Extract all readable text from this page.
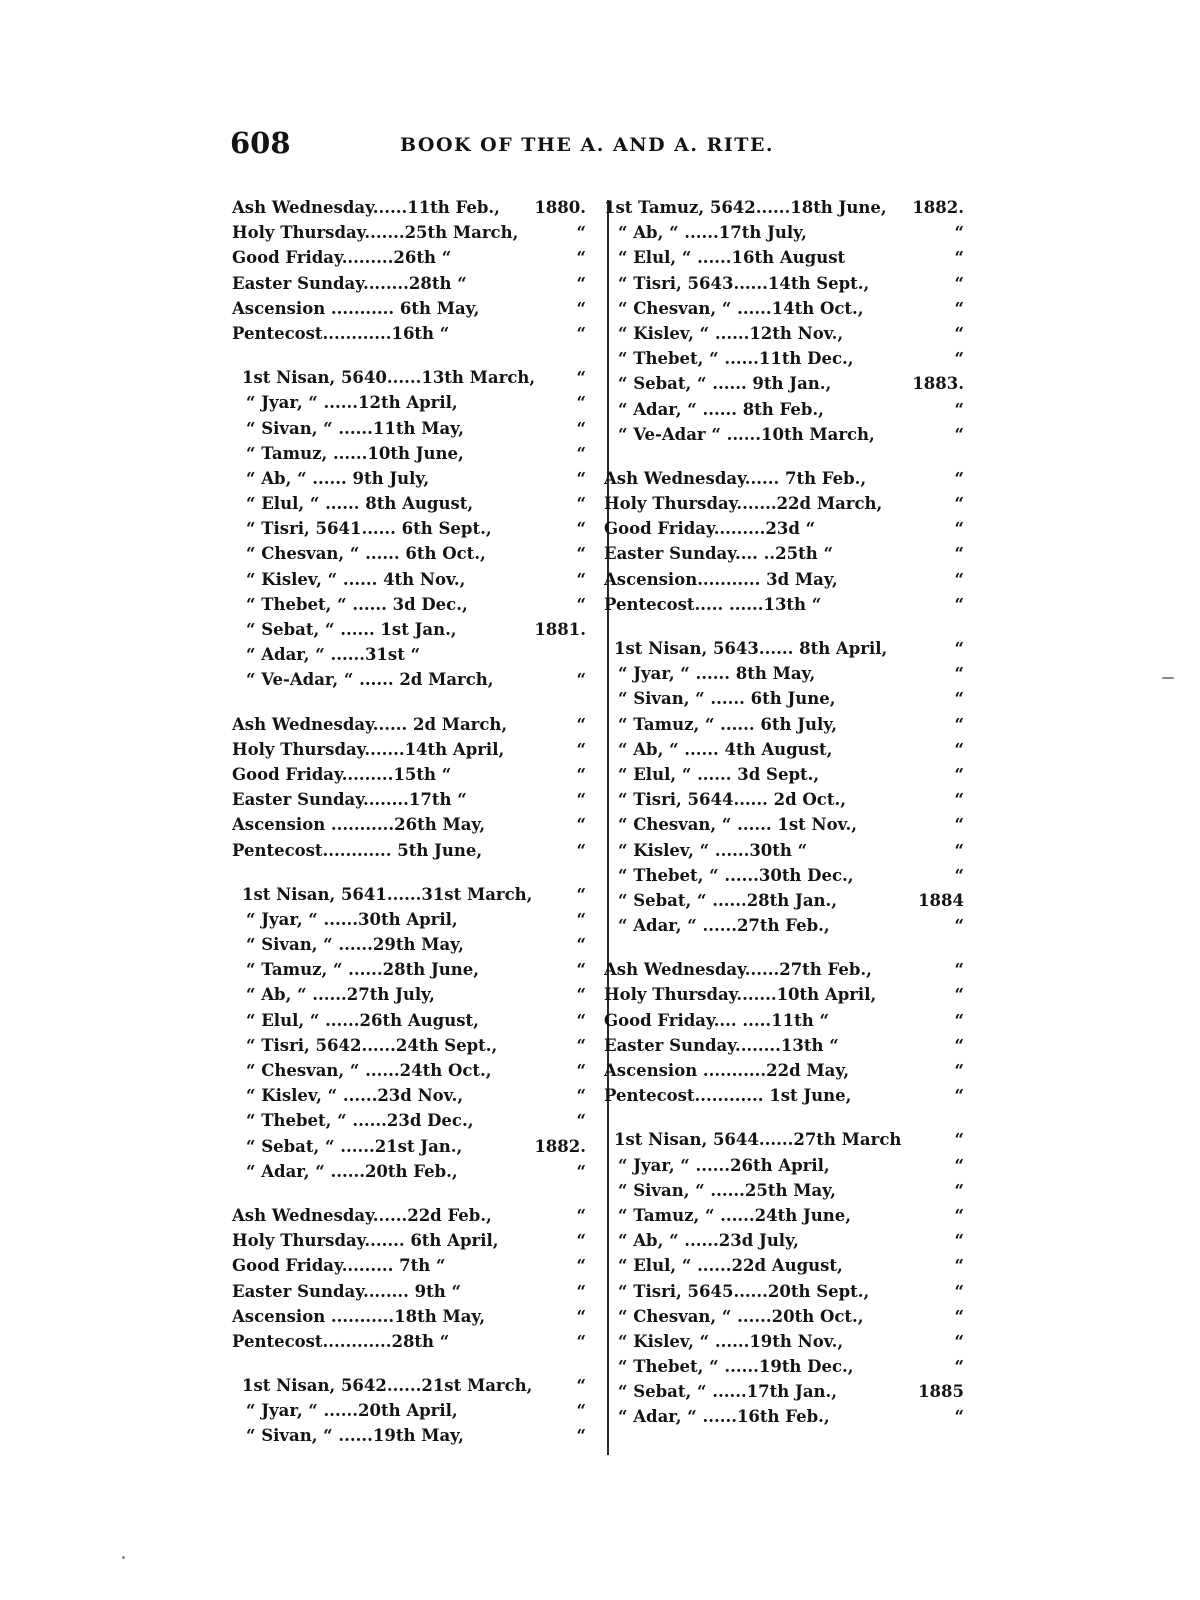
608	BOOK OF THE A. AND A. RITE.
Ash Wednesday......11th Feb., 1880.
Holy Thursday.......25th March,	“
Good Friday.........26th “	“
Easter Sunday........28th “	“
Ascension ........... 6th May,	“
Pentecost............16th “	“
1st Nisan, 5640......13th March,	“
“ Jyar, “ ......12th April,	“
“ Sivan, “ ......11th May,	“
“ Tamuz, ......10th June,	“
“ Ab, “ ...... 9th July,	“
“ Elul, “ ...... 8th August,	“
“ Tisri, 5641...... 6th Sept.,	“
“ Chesvan, “ ...... 6th Oct.,	“
“ Kislev, “ ...... 4th Nov.,	“
“ Thebet, “ ...... 3d Dec.,	“
“ Sebat, “ ...... 1st Jan.,	1881.
“ Adar, “ ......31st “
“ Ve-Adar, “ ...... 2d March,	“
Ash Wednesday...... 2d March,	“
Holy Thursday.......14th April,	“
Good Friday.........15th “	“
Easter Sunday........17th “	“
Ascension ...........26th May,	“
Pentecost............ 5th June,	“
1st Nisan, 5641......31st March,	“
“ Jyar, “ ......30th April,	“
“ Sivan, “ ......29th May,	“
“ Tamuz, “ ......28th June,	“
“ Ab, “ ......27th July,	“
“ Elul, “ ......26th August,	“
“ Tisri, 5642......24th Sept.,	“
“ Chesvan, “ ......24th Oct.,	“
“ Kislev, “ ......23d Nov.,	“
“ Thebet, “ ......23d Dec.,	“
“ Sebat, “ ......21st Jan.,	1882.
“ Adar, “ ......20th Feb.,	“
Ash Wednesday......22d Feb.,	“
Holy Thursday....... 6th April,	“
Good Friday......... 7th “	“
Easter Sunday........ 9th “	“
Ascension ...........18th May,	“
Pentecost............28th “	“
1st Nisan, 5642......21st March,	“
“ Jyar, “ ......20th April,	“
“ Sivan, “ ......19th May,	“
1st Tamuz, 5642......18th June, 1882.
“ Ab, “ ......17th July,	“
“ Elul, “ ......16th August	“
“ Tisri, 5643......14th Sept.,	“
“ Chesvan, “ ......14th Oct.,	“
“ Kislev, “ ......12th Nov.,	“
“ Thebet, “ ......11th Dec.,	“
“ Sebat, “ ...... 9th Jan.,	1883.
“ Adar, “ ...... 8th Feb.,	“
“ Ve-Adar “ ......10th March,	“
Ash Wednesday...... 7th Feb.,	“
Holy Thursday.......22d March,	“
Good Friday.........23d “	“
Easter Sunday.... ..25th “	“
Ascension........... 3d May,	“
Pentecost..... ......13th “	“
1st Nisan, 5643...... 8th April,	“
“ Jyar, “ ...... 8th May,	“
“ Sivan, “ ...... 6th June,	“
“ Tamuz, “ ...... 6th July,	“
“ Ab, “ ...... 4th August,	“
“ Elul, “ ...... 3d Sept.,	“
“ Tisri, 5644...... 2d Oct.,	“
“ Chesvan, “ ...... 1st Nov.,	“
“ Kislev, “ ......30th “	“
“ Thebet, “ ......30th Dec.,	“
“ Sebat, “ ......28th Jan.,	1884
“ Adar, “ ......27th Feb.,	“
Ash Wednesday......27th Feb.,	“
Holy Thursday.......10th April,	“
Good Friday.... .....11th “	“
Easter Sunday........13th “	“
Ascension ...........22d May,	“
Pentecost............ 1st June,	“
1st Nisan, 5644......27th March	“
“ Jyar, “ ......26th April,	“
“ Sivan, “ ......25th May,	“
“ Tamuz, “ ......24th June,	“
“ Ab, “ ......23d July,	“
“ Elul, “ ......22d August,	“
“ Tisri, 5645......20th Sept.,	“
“ Chesvan, “ ......20th Oct.,	“
“ Kislev, “ ......19th Nov.,	“
“ Thebet, “ ......19th Dec.,	“
“ Sebat, “ ......17th Jan.,	1885
“ Adar, “ ......16th Feb.,	“
